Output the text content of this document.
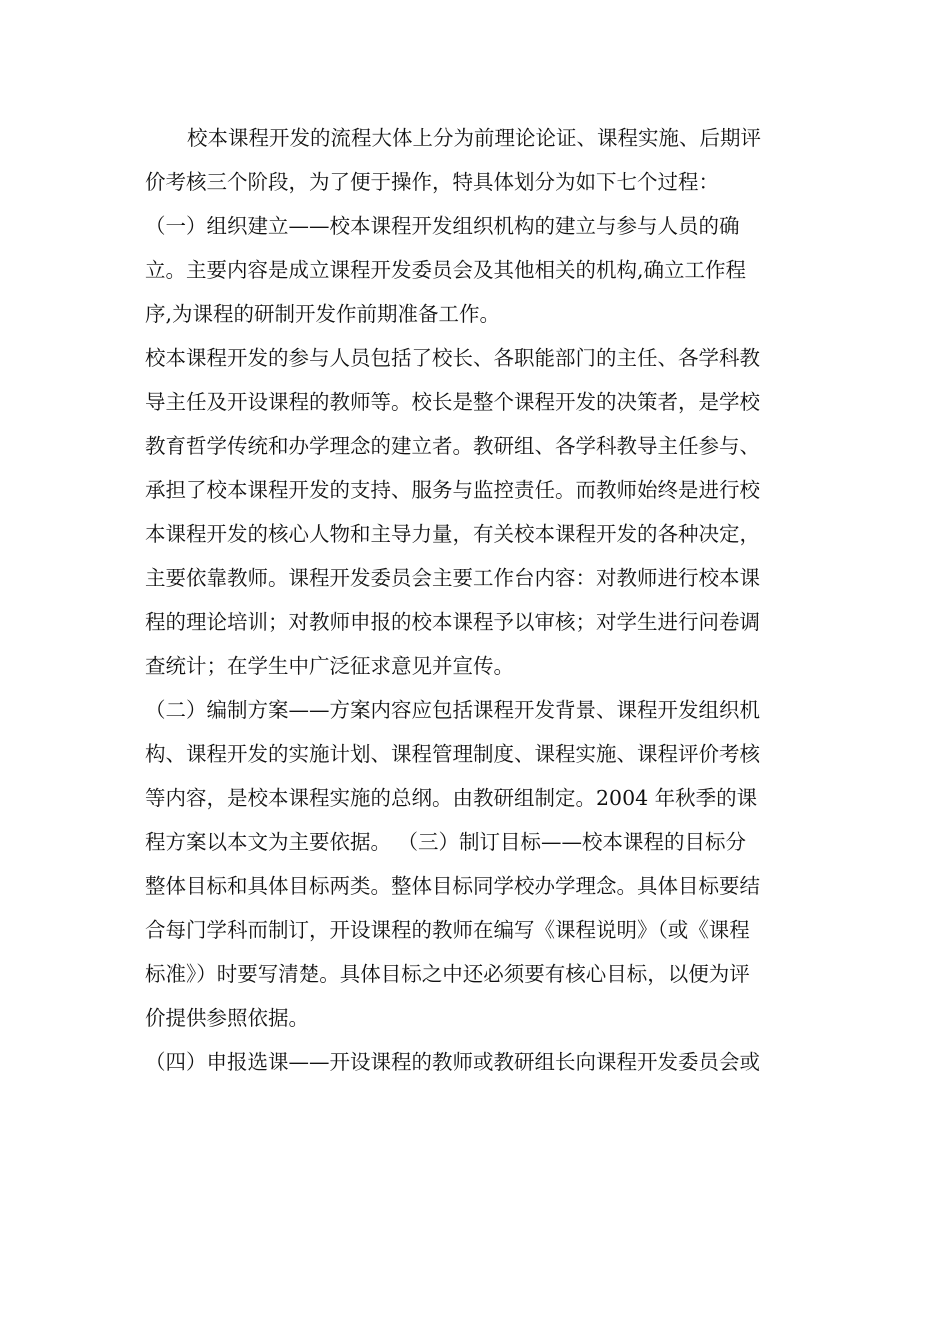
校本课程开发的流程大体上分为前理论论证、课程实施、后期评
价考核三个阶段，为了便于操作，特具体划分为如下七个过程：
（一）组织建立——校本课程开发组织机构的建立与参与人员的确
立。主要内容是成立课程开发委员会及其他相关的机构,确立工作程
序,为课程的研制开发作前期准备工作。
校本课程开发的参与人员包括了校长、各职能部门的主任、各学科教
导主任及开设课程的教师等。校长是整个课程开发的决策者，是学校
教育哲学传统和办学理念的建立者。教研组、各学科教导主任参与、
承担了校本课程开发的支持、服务与监控责任。而教师始终是进行校
本课程开发的核心人物和主导力量，有关校本课程开发的各种决定，
主要依靠教师。课程开发委员会主要工作台内容：对教师进行校本课
程的理论培训；对教师申报的校本课程予以审核；对学生进行问卷调
查统计；在学生中广泛征求意见并宣传。
（二）编制方案——方案内容应包括课程开发背景、课程开发组织机
构、课程开发的实施计划、课程管理制度、课程实施、课程评价考核
等内容，是校本课程实施的总纲。由教研组制定。2004 年秋季的课
程方案以本文为主要依据。 （三）制订目标——校本课程的目标分
整体目标和具体目标两类。整体目标同学校办学理念。具体目标要结
合每门学科而制订，开设课程的教师在编写《课程说明》（或《课程
标准》）时要写清楚。具体目标之中还必须要有核心目标，以便为评
价提供参照依据。
（四）申报选课——开设课程的教师或教研组长向课程开发委员会或
